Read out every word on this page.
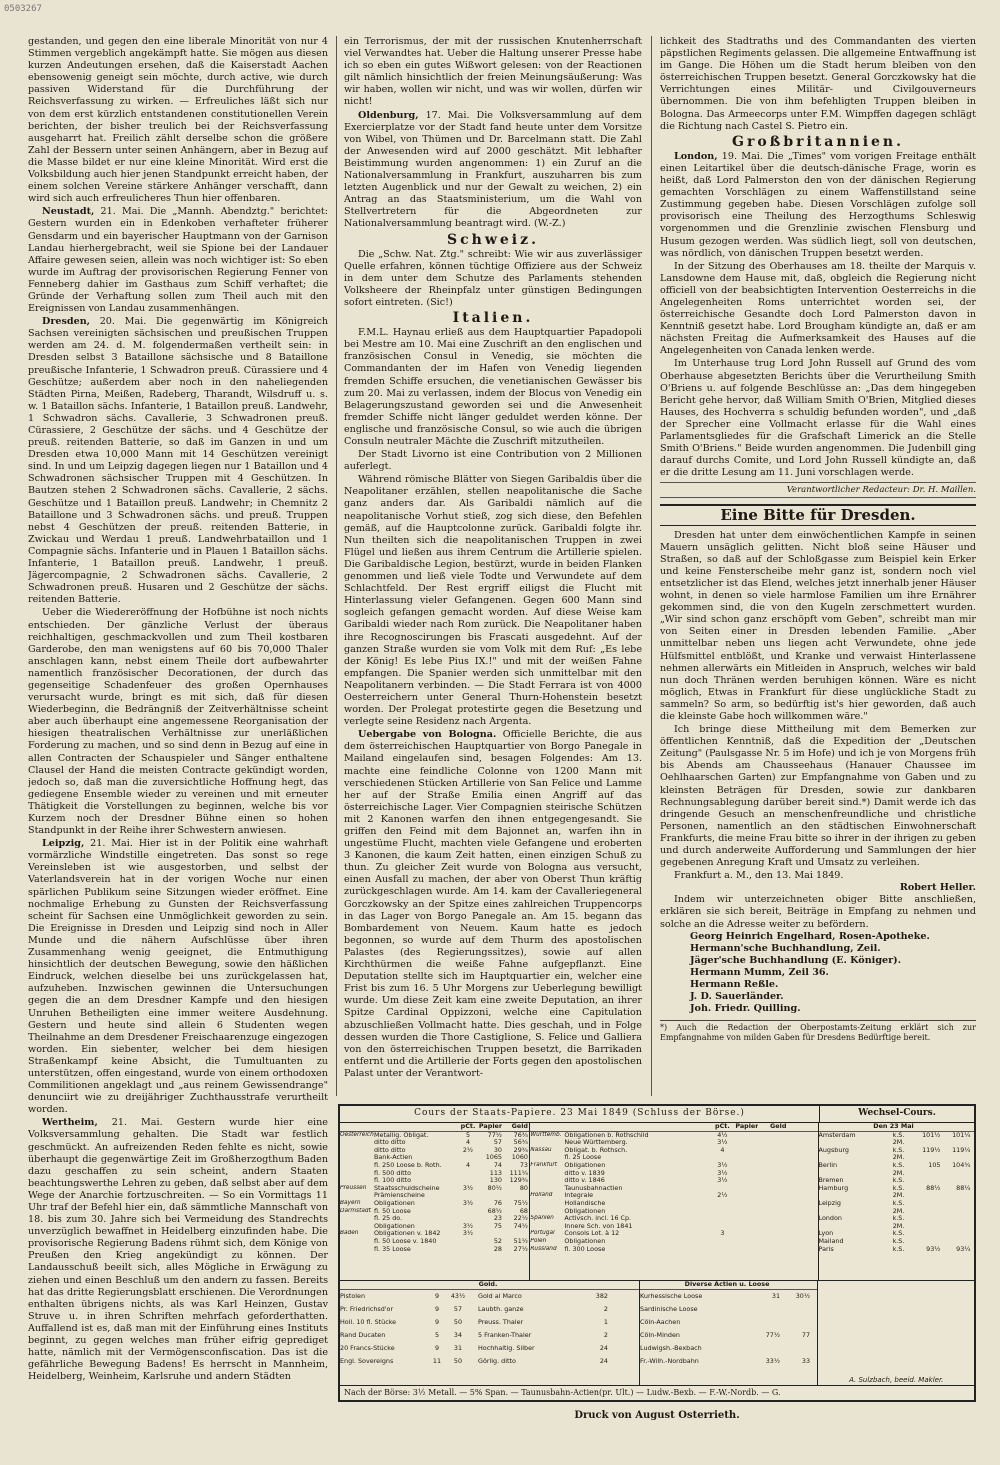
0503267

gestanden, und gegen den eine liberale Minorität von nur 4 Stimmen vergeblich angekämpft hatte. Sie mögen aus diesen kurzen Andeutungen ersehen, daß die Kaiserstadt Aachen ebensowenig geneigt sein möchte, durch active, wie durch passiven Widerstand für die Durchführung der Reichsverfassung zu wirken. — Erfreuliches läßt sich nur von dem erst kürzlich entstandenen constitutionellen Verein berichten, der bisher treulich bei der Reichsverfassung ausgeharrt hat. Freilich zählt derselbe schon die größere Zahl der Bessern unter seinen Anhängern, aber in Bezug auf die Masse bildet er nur eine kleine Minorität. Wird erst die Volksbildung auch hier jenen Standpunkt erreicht haben, der einem solchen Vereine stärkere Anhänger verschafft, dann wird sich auch erfreulicheres Thun hier offenbaren.

Neustadt, 21. Mai. Die „Mannh. Abendztg." berichtet: Gestern wurden ein in Edenkoben verhafteter früherer Gensdarm und ein bayerischer Hauptmann von der Garnison Landau hierhergebracht, weil sie Spione bei der Landauer Affaire gewesen seien, allein was noch wichtiger ist: So eben wurde im Auftrag der provisorischen Regierung Fenner von Fenneberg dahier im Gasthaus zum Schiff verhaftet; die Gründe der Verhaftung sollen zum Theil auch mit den Ereignissen von Landau zusammenhängen.

Dresden, 20. Mai. Die gegenwärtig im Königreich Sachsen vereinigten sächsischen und preußischen Truppen werden am 24. d. M. folgendermaßen vertheilt sein: in Dresden selbst 3 Bataillone sächsische und 8 Bataillone preußische Infanterie, 1 Schwadron preuß. Cürassiere und 4 Geschütze; außerdem aber noch in den naheliegenden Städten Pirna, Meißen, Radeberg, Tharandt, Wilsdruff u. s. w. 1 Bataillon sächs. Infanterie, 1 Bataillon preuß. Landwehr, 1 Schwadron sächs. Cavallerie, 3 Schwadronen preuß. Cürassiere, 2 Geschütze der sächs. und 4 Geschütze der preuß. reitenden Batterie, so daß im Ganzen in und um Dresden etwa 10,000 Mann mit 14 Geschützen vereinigt sind. In und um Leipzig dagegen liegen nur 1 Bataillon und 4 Schwadronen sächsischer Truppen mit 4 Geschützen. In Bautzen stehen 2 Schwadronen sächs. Cavallerie, 2 sächs. Geschütze und 1 Bataillon preuß. Landwehr; in Chemnitz 2 Bataillone und 3 Schwadronen sächs. und preuß. Truppen nebst 4 Geschützen der preuß. reitenden Batterie, in Zwickau und Werdau 1 preuß. Landwehrbataillon und 1 Compagnie sächs. Infanterie und in Plauen 1 Bataillon sächs. Infanterie, 1 Bataillon preuß. Landwehr, 1 preuß. Jägercompagnie, 2 Schwadronen sächs. Cavallerie, 2 Schwadronen preuß. Husaren und 2 Geschütze der sächs. reitenden Batterie.

Ueber die Wiedereröffnung der Hofbühne ist noch nichts entschieden. Der gänzliche Verlust der überaus reichhaltigen, geschmackvollen und zum Theil kostbaren Garderobe, den man wenigstens auf 60 bis 70,000 Thaler anschlagen kann, nebst einem Theile dort aufbewahrter namentlich französischer Decorationen, der durch das gegenseitige Schadenfeuer des großen Opernhauses verursacht wurde, bringt es mit sich, daß für diesen Wiederbeginn, die Bedrängniß der Zeitverhältnisse scheint aber auch überhaupt eine angemessene Reorganisation der hiesigen theatralischen Verhältnisse zur unerläßlichen Forderung zu machen, und so sind denn in Bezug auf eine in allen Contracten der Schauspieler und Sänger enthaltene Clausel der Hand die meisten Contracte gekündigt worden, jedoch so, daß man die zuversichtliche Hoffnung hegt, das gediegene Ensemble wieder zu vereinen und mit erneuter Thätigkeit die Vorstellungen zu beginnen, welche bis vor Kurzem noch der Dresdner Bühne einen so hohen Standpunkt in der Reihe ihrer Schwestern anwiesen.

Leipzig, 21. Mai. Hier ist in der Politik eine wahrhaft vormärzliche Windstille eingetreten. Das sonst so rege Vereinsleben ist wie ausgestorben, und selbst der Vaterlandsverein hat in der vorigen Woche nur einen spärlichen Publikum seine Sitzungen wieder eröffnet. Eine nochmalige Erhebung zu Gunsten der Reichsverfassung scheint für Sachsen eine Unmöglichkeit geworden zu sein. Die Ereignisse in Dresden und Leipzig sind noch in Aller Munde und die nähern Aufschlüsse über ihren Zusammenhang wenig geeignet, die Entmuthigung hinsichtlich der deutschen Bewegung, sowie den häßlichen Eindruck, welchen dieselbe bei uns zurückgelassen hat, aufzuheben. Inzwischen gewinnen die Untersuchungen gegen die an dem Dresdner Kampfe und den hiesigen Unruhen Betheiligten eine immer weitere Ausdehnung. Gestern und heute sind allein 6 Studenten wegen Theilnahme an dem Dresdener Freischaarenzuge eingezogen worden. Ein siebenter, welcher bei dem hiesigen Straßenkampf keine Absicht, die Tumultuanten zu unterstützen, offen eingestand, wurde von einem orthodoxen Commilitionen angeklagt und „aus reinem Gewissendrange" denunciirt wie zu dreijähriger Zuchthausstrafe verurtheilt worden.

Wertheim, 21. Mai. Gestern wurde hier eine Volksversammlung gehalten. Die Stadt war festlich geschmückt. An aufreizenden Reden fehlte es nicht, sowie überhaupt die gegenwärtige Zeit im Großherzogthum Baden dazu geschaffen zu sein scheint, andern Staaten beachtungswerthe Lehren zu geben, daß selbst aber auf dem Wege der Anarchie fortzuschreiten. — So ein Vormittags 11 Uhr traf der Befehl hier ein, daß sämmtliche Mannschaft von 18. bis zum 30. Jahre sich bei Vermeidung des Standrechts unverzüglich bewaffnet in Heidelberg einzufinden habe. Die provisorische Regierung Badens rühmt sich, dem Könige von Preußen den Krieg angekündigt zu können. Der Landausschuß beeilt sich, alles Mögliche in Erwägung zu ziehen und einen Beschluß um den andern zu fassen. Bereits hat das dritte Regierungsblatt erschienen. Die Verordnungen enthalten übrigens nichts, als was Karl Heinzen, Gustav Struve u. in ihren Schriften mehrfach geforderthatten. Auffallend ist es, daß man mit der Einführung eines Instituts beginnt, zu gegen welches man früher eifrig geprediget hatte, nämlich mit der Vermögensconfiscation. Das ist die gefährliche Bewegung Badens! Es herrscht in Mannheim, Heidelberg, Weinheim, Karlsruhe und andern Städten

ein Terrorismus, der mit der russischen Knutenherrschaft viel Verwandtes hat. Ueber die Haltung unserer Presse habe ich so eben ein gutes Wißwort gelesen: von der Reactionen gilt nämlich hinsichtlich der freien Meinungsäußerung: Was wir haben, wollen wir nicht, und was wir wollen, dürfen wir nicht!

Oldenburg, 17. Mai. Die Volksversammlung auf dem Exercierplatze vor der Stadt fand heute unter dem Vorsitze von Wibel, von Thümen und Dr. Barcelmann statt. Die Zahl der Anwesenden wird auf 2000 geschätzt. Mit lebhafter Beistimmung wurden angenommen: 1) ein Zuruf an die Nationalversammlung in Frankfurt, auszuharren bis zum letzten Augenblick und nur der Gewalt zu weichen, 2) ein Antrag an das Staatsministerium, um die Wahl von Stellvertretern für die Abgeordneten zur Nationalversammlung beantragt wird. (W.-Z.)

Schweiz.

Die „Schw. Nat. Ztg." schreibt: Wie wir aus zuverlässiger Quelle erfahren, können tüchtige Offiziere aus der Schweiz in dem unter dem Schutze des Parlaments stehenden Volksheere der Rheinpfalz unter günstigen Bedingungen sofort eintreten. (Sic!)

Italien.

F.M.L. Haynau erließ aus dem Hauptquartier Papadopoli bei Mestre am 10. Mai eine Zuschrift an den englischen und französischen Consul in Venedig, sie möchten die Commandanten der im Hafen von Venedig liegenden fremden Schiffe ersuchen, die venetianischen Gewässer bis zum 20. Mai zu verlassen, indem der Blocus von Venedig ein Belagerungszustand geworden sei und die Anwesenheit fremder Schiffe nicht länger geduldet werden könne. Der englische und französische Consul, so wie auch die übrigen Consuln neutraler Mächte die Zuschrift mitzutheilen.

Der Stadt Livorno ist eine Contribution von 2 Millionen auferlegt.

Während römische Blätter von Siegen Garibaldis über die Neapolitaner erzählen, stellen neapolitanische die Sache ganz anders dar. Als Garibaldi nämlich auf die neapolitanische Vorhut stieß, zog sich diese, den Befehlen gemäß, auf die Hauptcolonne zurück. Garibaldi folgte ihr. Nun theilten sich die neapolitanischen Truppen in zwei Flügel und ließen aus ihrem Centrum die Artillerie spielen. Die Garibaldische Legion, bestürzt, wurde in beiden Flanken genommen und ließ viele Todte und Verwundete auf dem Schlachtfeld. Der Rest ergriff eiligst die Flucht mit Hinterlassung vieler Gefangenen. Gegen 600 Mann sind sogleich gefangen gemacht worden. Auf diese Weise kam Garibaldi wieder nach Rom zurück. Die Neapolitaner haben ihre Recognoscirungen bis Frascati ausgedehnt. Auf der ganzen Straße wurden sie vom Volk mit dem Ruf: „Es lebe der König! Es lebe Pius IX.!" und mit der weißen Fahne empfangen. Die Spanier werden sich unmittelbar mit den Neapolitanern verbinden. — Die Stadt Ferrara ist von 4000 Oesterreichern unter General Thurn-Hohenstein besetzt worden. Der Prolegat protestirte gegen die Besetzung und verlegte seine Residenz nach Argenta.

Uebergabe von Bologna. Officielle Berichte, die aus dem österreichischen Hauptquartier von Borgo Panegale in Mailand eingelaufen sind, besagen Folgendes: Am 13. machte eine feindliche Colonne von 1200 Mann mit verschiedenen Stücken Artillerie von San Felice und Lamme her auf der Straße Emilia einen Angriff auf das österreichische Lager. Vier Compagnien steirische Schützen mit 2 Kanonen warfen den ihnen entgegengesandt. Sie griffen den Feind mit dem Bajonnet an, warfen ihn in ungestüme Flucht, machten viele Gefangene und eroberten 3 Kanonen, die kaum Zeit hatten, einen einzigen Schuß zu thun. Zu gleicher Zeit wurde von Bologna aus versucht, einen Ausfall zu machen, der aber von Oberst Thun kräftig zurückgeschlagen wurde. Am 14. kam der Cavalleriegeneral Gorczkowsky an der Spitze eines zahlreichen Truppencorps in das Lager von Borgo Panegale an. Am 15. begann das Bombardement von Neuem. Kaum hatte es jedoch begonnen, so wurde auf dem Thurm des apostolischen Palastes (des Regierungssitzes), sowie auf allen Kirchthürmen die weiße Fahne aufgepflanzt. Eine Deputation stellte sich im Hauptquartier ein, welcher eine Frist bis zum 16. 5 Uhr Morgens zur Ueberlegung bewilligt wurde. Um diese Zeit kam eine zweite Deputation, an ihrer Spitze Cardinal Oppizzoni, welche eine Capitulation abzuschließen Vollmacht hatte. Dies geschah, und in Folge dessen wurden die Thore Castiglione, S. Felice und Galliera von den österreichischen Truppen besetzt, die Barrikaden entfernt und die Artillerie der Forts gegen den apostolischen Palast unter der Verantwort-

lichkeit des Stadtraths und des Commandanten des vierten päpstlichen Regiments gelassen. Die allgemeine Entwaffnung ist im Gange. Die Höhen um die Stadt herum bleiben von den österreichischen Truppen besetzt. General Gorczkowsky hat die Verrichtungen eines Militär- und Civilgouverneurs übernommen. Die von ihm befehligten Truppen bleiben in Bologna. Das Armeecorps unter F.M. Wimpffen dagegen schlägt die Richtung nach Castel S. Pietro ein.

Großbritannien.

London, 19. Mai. Die „Times" vom vorigen Freitage enthält einen Leitartikel über die deutsch-dänische Frage, worin es heißt, daß Lord Palmerston den von der dänischen Regierung gemachten Vorschlägen zu einem Waffenstillstand seine Zustimmung gegeben habe. Diesen Vorschlägen zufolge soll provisorisch eine Theilung des Herzogthums Schleswig vorgenommen und die Grenzlinie zwischen Flensburg und Husum gezogen werden. Was südlich liegt, soll von deutschen, was nördlich, von dänischen Truppen besetzt werden.

In der Sitzung des Oberhauses am 18. theilte der Marquis v. Lansdowne dem Hause mit, daß, obgleich die Regierung nicht officiell von der beabsichtigten Intervention Oesterreichs in die Angelegenheiten Roms unterrichtet worden sei, der österreichische Gesandte doch Lord Palmerston davon in Kenntniß gesetzt habe. Lord Brougham kündigte an, daß er am nächsten Freitag die Aufmerksamkeit des Hauses auf die Angelegenheiten von Canada lenken werde.

Im Unterhause trug Lord John Russell auf Grund des vom Oberhause abgesetzten Berichts über die Verurtheilung Smith O'Briens u. auf folgende Beschlüsse an: „Das dem hingegeben Bericht gehe hervor, daß William Smith O'Brien, Mitglied dieses Hauses, des Hochverra s schuldig befunden worden", und „daß der Sprecher eine Vollmacht erlasse für die Wahl eines Parlamentsgliedes für die Grafschaft Limerick an die Stelle Smith O'Briens." Beide wurden angenommen. Die Judenbill ging darauf durchs Comite, und Lord John Russell kündigte an, daß er die dritte Lesung am 11. Juni vorschlagen werde.

Verantwortlicher Redacteur: Dr. H. Maillen.
Eine Bitte für Dresden.

Dresden hat unter dem einwöchentlichen Kampfe in seinen Mauern unsäglich gelitten. Nicht bloß seine Häuser und Straßen, so daß auf der Schloßgasse zum Beispiel kein Erker und keine Fensterscheibe mehr ganz ist, sondern noch viel entsetzlicher ist das Elend, welches jetzt innerhalb jener Häuser wohnt, in denen so viele harmlose Familien um ihre Ernährer gekommen sind, die von den Kugeln zerschmettert wurden. „Wir sind schon ganz erschöpft vom Geben", schreibt man mir von Seiten einer in Dresden lebenden Familie. „Aber unmittelbar neben uns liegen acht Verwundete, ohne jede Hülfsmittel entblößt, und Kranke und verwaist Hinterlassene nehmen allerwärts ein Mitleiden in Anspruch, welches wir bald nun doch Thränen werden beruhigen können. Wäre es nicht möglich, Etwas in Frankfurt für diese unglückliche Stadt zu sammeln? So arm, so bedürftig ist's hier geworden, daß auch die kleinste Gabe hoch willkommen wäre."

Ich bringe diese Mittheilung mit dem Bemerken zur öffentlichen Kenntniß, daß die Expedition der „Deutschen Zeitung" (Paulsgasse Nr. 5 im Hofe) und ich je von Morgens früh bis Abends am Chausseehaus (Hanauer Chaussee im Oehlhaarschen Garten) zur Empfangnahme von Gaben und zu kleinsten Beträgen für Dresden, sowie zur dankbaren Rechnungsablegung darüber bereit sind.*) Damit werde ich das dringende Gesuch an menschenfreundliche und christliche Personen, namentlich an den städtischen Einwohnerschaft Frankfurts, die meine Frau bitte so ihrer in der ihrigen zu geben und durch anderweite Aufforderung und Sammlungen der hier gegebenen Anregung Kraft und Umsatz zu verleihen.

Frankfurt a. M., den 13. Mai 1849.

Robert Heller.

Indem wir unterzeichneten obiger Bitte anschließen, erklären sie sich bereit, Beiträge in Empfang zu nehmen und solche an die Adresse weiter zu befördern.

Georg Heinrich Engelhard, Rosen-Apotheke.
Hermann'sche Buchhandlung, Zeil.
Jäger'sche Buchhandlung (E. Königer).
Hermann Mumm, Zeil 36.
Hermann Reßle.
J. D. Sauerländer.
Joh. Friedr. Quilling.
*) Auch die Redaction der Oberpostamts-Zeitung erklärt sich zur Empfangnahme von milden Gaben für Dresdens Bedürftige bereit.
Cours der Staats-Papiere. 23 Mai 1849 (Schluss der Börse.)	Wechsel-Cours.
pCt. Papier	Geld
Oesterreich Metallig. Obligat.	5	77½	76¾
ditto ditto	4	57	56¾
ditto ditto	2½	30	29¾
Bank-Actien	1065	1060
fl. 250 Loose b. Roth.	4	74	73
fl. 500 ditto	113	111¼
fl. 100 ditto	130	129¾
Preussen	Staatsschuldscheine	3½	80½	80
Prämienscheine
Bayern	Obligationen	3½	76	75½
Darmstadt fl. 50 Loose	68½	68
fl. 25 do.	23	22½
Obligationen	3½	75	74½
Baden	Obligationen v. 1842	3½
fl. 50 Loose v. 1840	52	51½
fl. 35 Loose	28	27½
pCt. Papier	Geld
Württemb. Obligationen b. Rothschild	4½
Neue Württemberg.	3½
Nassau	Obligat. b. Rothsch.	4
fl. 25 Loose
Frankfurt	Obligationen	3½
ditto v. 1839	3½
ditto v. 1846	3½
Taunusbahnactien
Holland	Integrale	2½
Hollandische
Obligationen
Spanien	Activsch. incl. 16 Cp.
Innere Sch. von 1841
Portugal	Consols Lot. à 12	3
Polen	Obligationen
Russland	fl. 300 Loose
Den 23 Mai
Amsterdam	k.S.	101½	101¼
2M.
Augsburg	k.S.	119½	119¼
2M.
Berlin	k.S.	105	104¾
2M.
Bremen	k.S.
Hamburg	k.S.	88½	88¼
2M.
Leipzig	k.S.
2M.
London	k.S.
2M.
Lyon	k.S.
Mailand	k.S.
Paris	k.S.	93½	93¼
Gold.
Pistolen	9	43½	Gold al Marco	382
Pr. Friedrichsd'or	9	57	Laubth. ganze	2
Holl. 10 fl. Stücke	9	50	Preuss. Thaler	1
Rand Ducaten	5	34	5 Franken-Thaler	2
20 Francs-Stücke	9	31	Hochhaltig. Silber	24
Engl. Sovereigns	11	50	Görlig. ditto	24
Diverse Actien u. Loose
Kurhessische Loose	31	30½
Sardinische Loose
Cöln-Aachen
Cöln-Minden	77½	77
Ludwigsh.-Bexbach
Fr.-Wilh.-Nordbahn	33½	33
A. Sulzbach, beeid. Makler.
Nach der Börse: 3½ Metall. — 5% Span. — Taunusbahn-Actien(pr. Ult.) — Ludw.-Bexb. — F.-W.-Nordb. — G.
Druck von August Osterrieth.
